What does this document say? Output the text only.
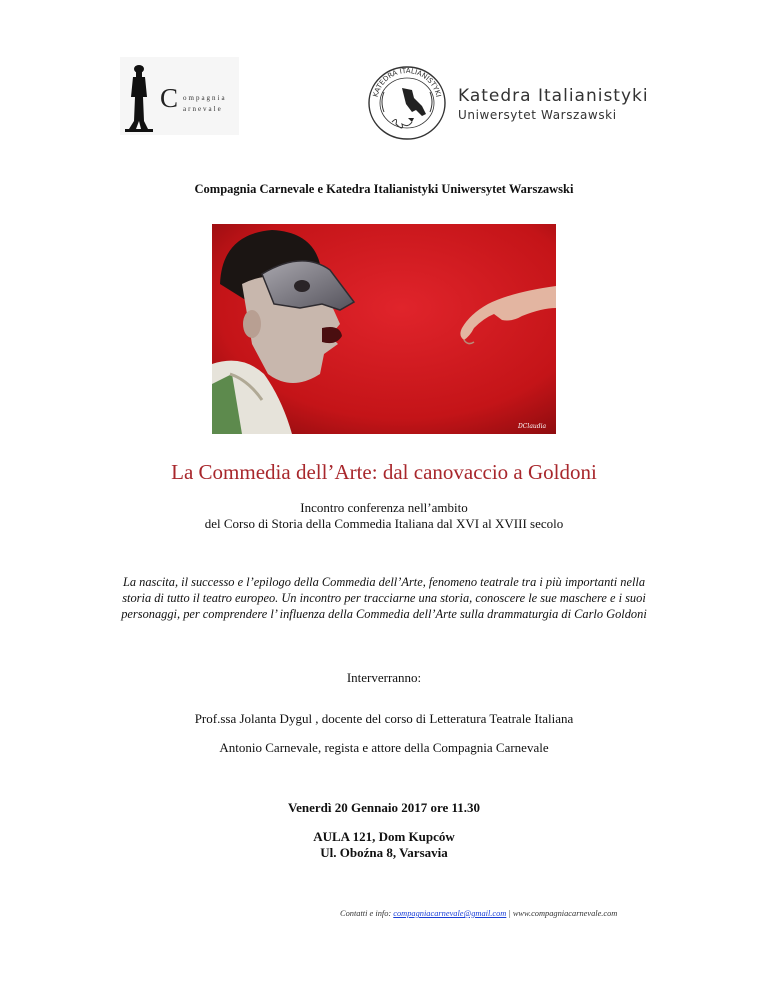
C ompagnia
arnevale
KATEDRA ITALIANISTYKI Katedra Italianistyki
Uniwersytet Warszawski
Compagnia Carnevale e Katedra Italianistyki Uniwersytet Warszawski
DClaudia
La Commedia dell’Arte: dal canovaccio a Goldoni
Incontro conferenza nell’ambito
del Corso di Storia della Commedia Italiana dal XVI al XVIII secolo
La nascita, il successo e l’epilogo della Commedia dell’Arte, fenomeno teatrale tra i più importanti nella
storia di tutto il teatro europeo. Un incontro per tracciarne una storia, conoscere le sue maschere e i suoi
personaggi, per comprendere l’ influenza della Commedia dell’Arte sulla drammaturgia di Carlo Goldoni
Interverranno:
Prof.ssa Jolanta Dygul , docente del corso di Letteratura Teatrale Italiana
Antonio Carnevale, regista e attore della Compagnia Carnevale
Venerdì 20 Gennaio 2017 ore 11.30
AULA 121, Dom Kupców
Ul. Oboźna 8, Varsavia
Contatti e info: compagniacarnevale@gmail.com | www.compagniacarnevale.com
